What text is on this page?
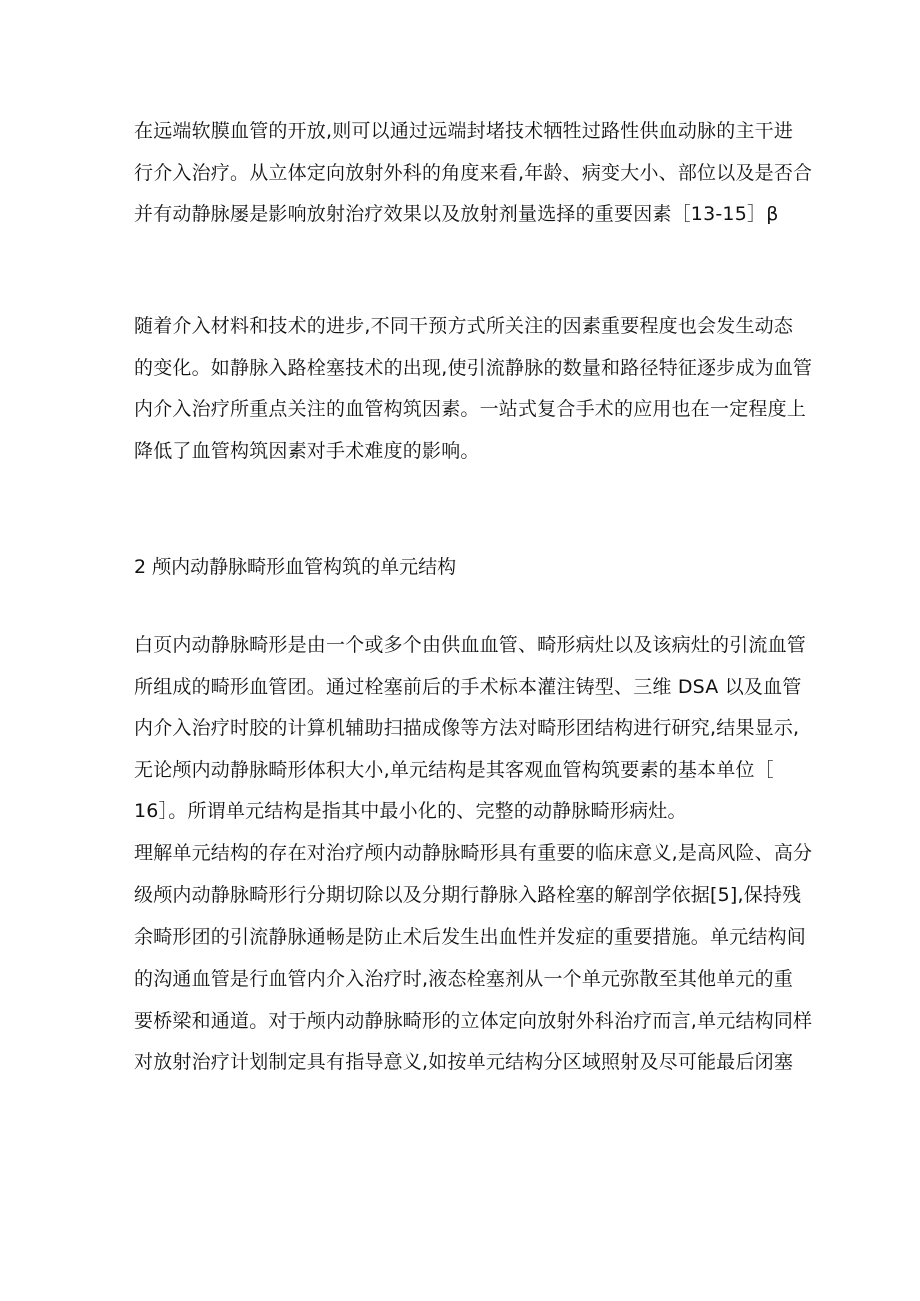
在远端软膜血管的开放,则可以通过远端封堵技术牺牲过路性供血动脉的主干进
行介入治疗。从立体定向放射外科的角度来看,年龄、病变大小、部位以及是否合
并有动静脉屡是影响放射治疗效果以及放射剂量选择的重要因素［13-15］β
随着介入材料和技术的进步,不同干预方式所关注的因素重要程度也会发生动态
的变化。如静脉入路栓塞技术的出现,使引流静脉的数量和路径特征逐步成为血管
内介入治疗所重点关注的血管构筑因素。一站式复合手术的应用也在一定程度上
降低了血管构筑因素对手术难度的影响。
2 颅内动静脉畸形血管构筑的单元结构
白页内动静脉畸形是由一个或多个由供血血管、畸形病灶以及该病灶的引流血管
所组成的畸形血管团。通过栓塞前后的手术标本灌注铸型、三维 DSA 以及血管
内介入治疗时胶的计算机辅助扫描成像等方法对畸形团结构进行研究,结果显示,
无论颅内动静脉畸形体积大小,单元结构是其客观血管构筑要素的基本单位［
16］。所谓单元结构是指其中最小化的、完整的动静脉畸形病灶。
理解单元结构的存在对治疗颅内动静脉畸形具有重要的临床意义,是高风险、高分
级颅内动静脉畸形行分期切除以及分期行静脉入路栓塞的解剖学依据[5],保持残
余畸形团的引流静脉通畅是防止术后发生出血性并发症的重要措施。单元结构间
的沟通血管是行血管内介入治疗时,液态栓塞剂从一个单元弥散至其他单元的重
要桥梁和通道。对于颅内动静脉畸形的立体定向放射外科治疗而言,单元结构同样
对放射治疗计划制定具有指导意义,如按单元结构分区域照射及尽可能最后闭塞
